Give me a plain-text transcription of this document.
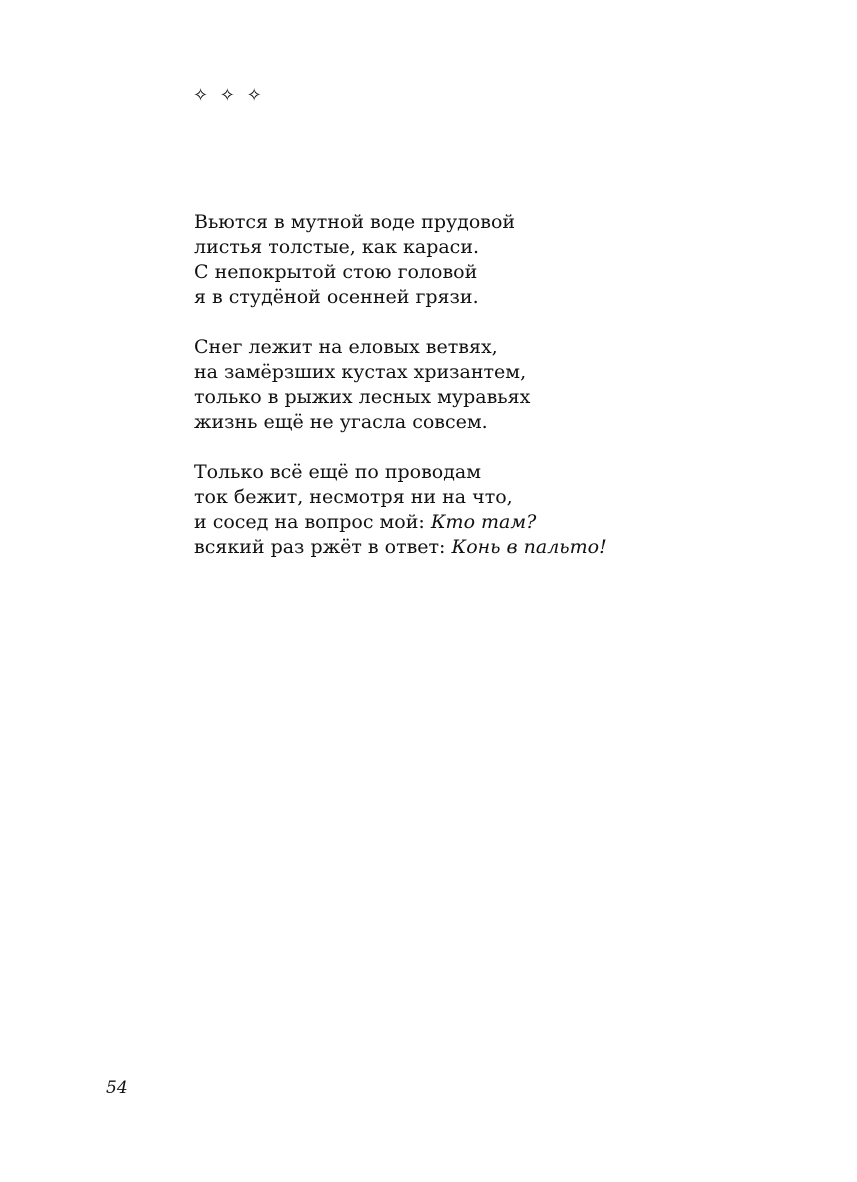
✧ ✧ ✧
Вьются в мутной воде прудовой
листья толстые, как караси.
С непокрытой стою головой
я в студёной осенней грязи.
Снег лежит на еловых ветвях,
на замёрзших кустах хризантем,
только в рыжих лесных муравьях
жизнь ещё не угасла совсем.
Только всё ещё по проводам
ток бежит, несмотря ни на что,
и сосед на вопрос мой: Кто там?
всякий раз ржёт в ответ: Конь в пальто!
54
